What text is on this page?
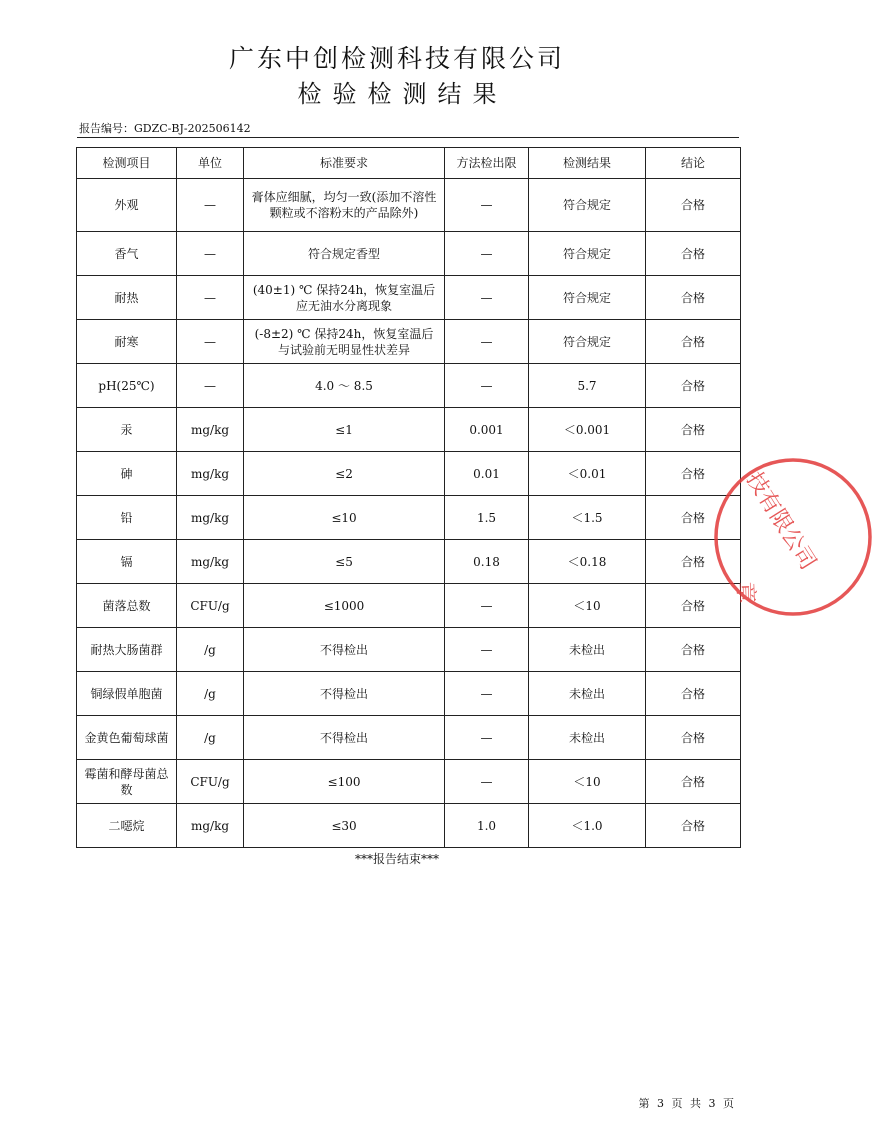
广东中创检测科技有限公司
检验检测结果
报告编号：GDZC-BJ-202506142
检测项目	单位	标准要求	方法检出限	检测结果	结论
外观	—	膏体应细腻，均匀一致(添加不溶性颗粒或不溶粉末的产品除外)	—	符合规定	合格
香气	—	符合规定香型	—	符合规定	合格
耐热	—	(40±1) ℃ 保持24h，恢复室温后应无油水分离现象	—	符合规定	合格
耐寒	—	(-8±2) ℃ 保持24h，恢复室温后与试验前无明显性状差异	—	符合规定	合格
pH(25℃)	—	4.0 ～ 8.5	—	5.7	合格
汞	mg/kg	≤1	0.001	＜0.001	合格
砷	mg/kg	≤2	0.01	＜0.01	合格
铅	mg/kg	≤10	1.5	＜1.5	合格
镉	mg/kg	≤5	0.18	＜0.18	合格
菌落总数	CFU/g	≤1000	—	＜10	合格
耐热大肠菌群	/g	不得检出	—	未检出	合格
铜绿假单胞菌	/g	不得检出	—	未检出	合格
金黄色葡萄球菌	/g	不得检出	—	未检出	合格
霉菌和酵母菌总数	CFU/g	≤100	—	＜10	合格
二噁烷	mg/kg	≤30	1.0	＜1.0	合格
***报告结束***
第 3 页 共 3 页
技有限公司
章
